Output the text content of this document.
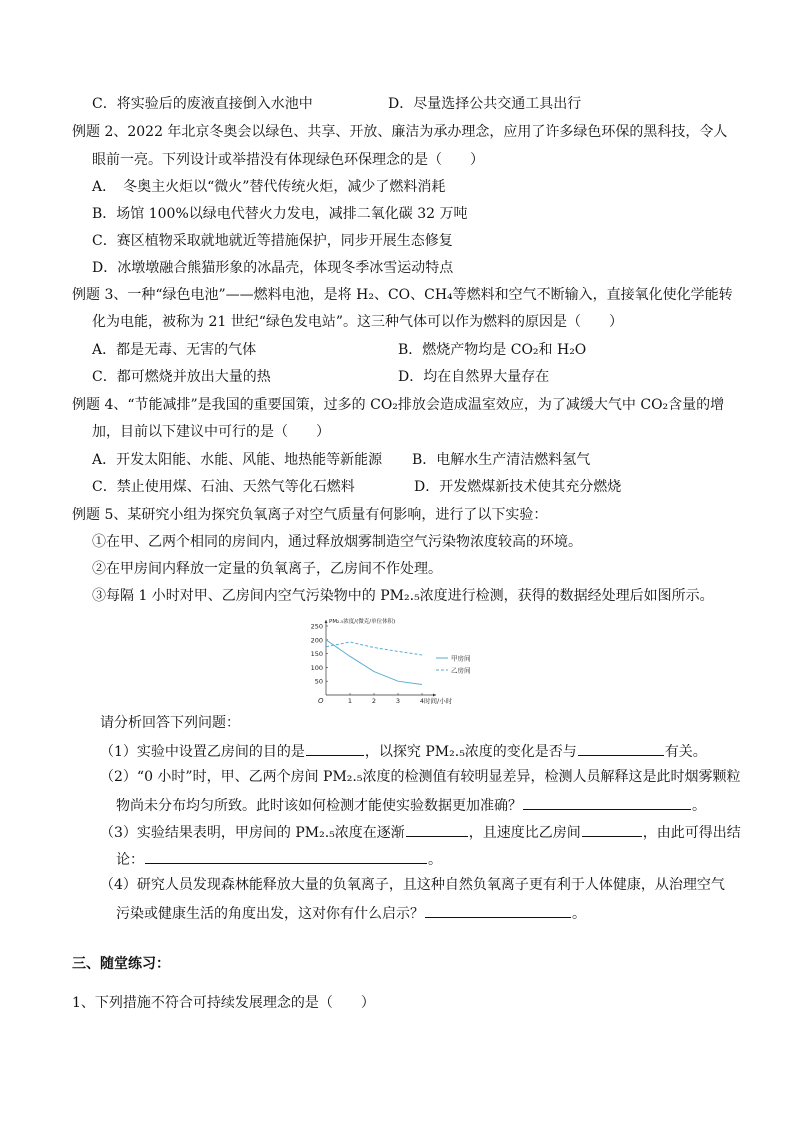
C．将实验后的废液直接倒入水池中	D．尽量选择公共交通工具出行
例题 2、2022 年北京冬奥会以绿色、共享、开放、廉洁为承办理念，应用了许多绿色环保的黑科技，令人
眼前一亮。下列设计或举措没有体现绿色环保理念的是（　　）
A．　冬奥主火炬以“微火”替代传统火炬，减少了燃料消耗
B．场馆 100%以绿电代替火力发电，减排二氧化碳 32 万吨
C．赛区植物采取就地就近等措施保护，同步开展生态修复
D．冰墩墩融合熊猫形象的冰晶壳，体现冬季冰雪运动特点
例题 3、一种“绿色电池”——燃料电池，是将 H₂、CO、CH₄等燃料和空气不断输入，直接氧化使化学能转
化为电能，被称为 21 世纪“绿色发电站”。这三种气体可以作为燃料的原因是（　　）
A．都是无毒、无害的气体	B．燃烧产物均是 CO₂和 H₂O
C．都可燃烧并放出大量的热	D．均在自然界大量存在
例题 4、“节能减排”是我国的重要国策，过多的 CO₂排放会造成温室效应，为了减缓大气中 CO₂含量的增
加，目前以下建议中可行的是（　　）
A．开发太阳能、水能、风能、地热能等新能源 B．电解水生产清洁燃料氢气
C．禁止使用煤、石油、天然气等化石燃料	D．开发燃煤新技术使其充分燃烧
例题 5、某研究小组为探究负氧离子对空气质量有何影响，进行了以下实验：
①在甲、乙两个相同的房间内，通过释放烟雾制造空气污染物浓度较高的环境。
②在甲房间内释放一定量的负氧离子，乙房间不作处理。
③每隔 1 小时对甲、乙房间内空气污染物中的 PM₂.₅浓度进行检测，获得的数据经处理后如图所示。
50
100
150
200
250
1	2	3	4
O
PM₂.₅浓度/(微克/单位体积)
时间/小时
甲房间
乙房间
请分析回答下列问题：
（1）实验中设置乙房间的目的是	，以探究 PM₂.₅浓度的变化是否与	有关。
（2）“0 小时”时，甲、乙两个房间 PM₂.₅浓度的检测值有较明显差异，检测人员解释这是此时烟雾颗粒
物尚未分布均匀所致。此时该如何检测才能使实验数据更加准确？	。
（3）实验结果表明，甲房间的 PM₂.₅浓度在逐渐	，且速度比乙房间	，由此可得出结
论：	。
（4）研究人员发现森林能释放大量的负氧离子，且这种自然负氧离子更有利于人体健康，从治理空气
污染或健康生活的角度出发，这对你有什么启示？	。
三、随堂练习：
1、下列措施不符合可持续发展理念的是（　　）
